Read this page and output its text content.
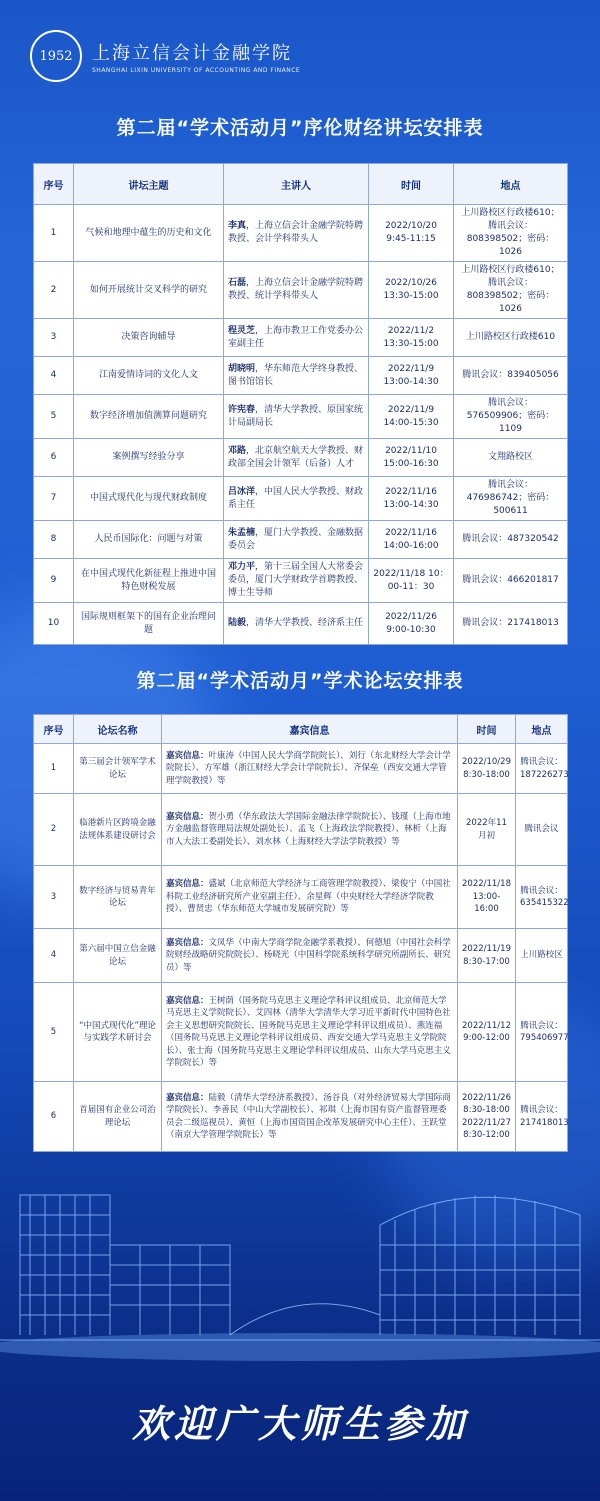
1952 上海立信会计金融学院
SHANGHAI LIXIN UNIVERSITY OF ACCOUNTING AND FINANCE
第二届“学术活动月”序伦财经讲坛安排表
序号	讲坛主题	主讲人	时间	地点
1	气候和地理中蕴生的历史和文化	李真，上海立信会计金融学院特聘教授、会计学科带头人	2022/10/20 9:45-11:15	上川路校区行政楼610；腾讯会议：808398502；密码：1026
2	如何开展统计交叉科学的研究	石磊，上海立信会计金融学院特聘教授、统计学科带头人	2022/10/26 13:30-15:00	上川路校区行政楼610；腾讯会议：808398502；密码：1026
3	决策咨询辅导	程灵芝，上海市教卫工作党委办公室副主任	2022/11/2 13:30-15:00	上川路校区行政楼610
4	江南爱情诗词的文化人文	胡晓明，华东师范大学终身教授、图书馆馆长	2022/11/9 13:00-14:30	腾讯会议：839405056
5	数字经济增加值测算问题研究	许宪春，清华大学教授、原国家统计局副局长	2022/11/9 14:00-15:30	腾讯会议：576509906；密码：1109
6	案例撰写经验分享	邓路，北京航空航天大学教授、财政部全国会计领军（后备）人才	2022/11/10 15:00-16:30	文翔路校区
7	中国式现代化与现代财政制度	吕冰洋，中国人民大学教授、财政系主任	2022/11/16 13:00-14:30	腾讯会议：476986742；密码：500611
8	人民币国际化：问题与对策	朱孟楠，厦门大学教授、金融数据委员会	2022/11/16 14:00-16:00	腾讯会议：487320542
9	在中国式现代化新征程上推进中国特色财税发展	邓力平，第十三届全国人大常委会委员，厦门大学财政学首聘教授、博士生导师	2022/11/18 10：00-11：30	腾讯会议：466201817
10	国际规则框架下的国有企业治理问题	陆毅，清华大学教授、经济系主任	2022/11/26 9:00-10:30	腾讯会议：217418013
第二届“学术活动月”学术论坛安排表
序号	论坛名称	嘉宾信息	时间	地点
1	第三届会计领军学术论坛	嘉宾信息：叶康涛（中国人民大学商学院院长）、刘行（东北财经大学会计学院院长）、方军雄（浙江财经大学会计学院院长）、齐保垒（西安交通大学管理学院教授）等	2022/10/29 8:30-18:00	腾讯会议：187226273
2	临港新片区跨境金融法规体系建设研讨会	嘉宾信息：贺小勇（华东政法大学国际金融法律学院院长）、钱瑾（上海市地方金融监督管理局法规处副处长）、孟飞（上海政法学院教授）、林析（上海市人大法工委副处长）、刘水林（上海财经大学法学院教授）等	2022年11月初	腾讯会议
3	数字经济与贸易青年论坛	嘉宾信息：盛斌（北京师范大学经济与工商管理学院教授）、梁俊宁（中国社科院工业经济研究所产业室副主任）、余星辉（中央财经大学经济学院教授）、曹贤忠（华东师范大学城市发展研究院）等	2022/11/18 13:00-16:00	腾讯会议：635415322
4	第六届中国立信金融论坛	嘉宾信息：文凤华（中南大学商学院金融学系教授）、何德旭（中国社会科学院财经战略研究院院长）、杨晓光（中国科学院系统科学研究所副所长、研究员）等	2022/11/19 8:30-17:00	上川路校区
5	“中国式现代化”理论与实践学术研讨会	嘉宾信息：王树荫（国务院马克思主义理论学科评议组成员、北京师范大学马克思主义学院院长）、艾四林（清华大学清华大学习近平新时代中国特色社会主义思想研究院院长、国务院马克思主义理论学科评议组成员）、燕连福（国务院马克思主义理论学科评议组成员、西安交通大学马克思主义学院院长）、张士海（国务院马克思主义理论学科评议组成员、山东大学马克思主义学院院长）等	2022/11/12 9:00-12:00	腾讯会议：795406977
6	首届国有企业公司治理论坛	嘉宾信息：陆毅（清华大学经济系教授）、汤谷良（对外经济贸易大学国际商学院院长）、李善民（中山大学副校长）、祁琪（上海市国有资产监督管理委员会二级巡视员）、黄恒（上海市国资国企改革发展研究中心主任）、王跃堂（南京大学管理学院院长）等	2022/11/26 8:30-18:00 2022/11/27 8:30-12:00	腾讯会议：217418013
欢迎广大师生参加
